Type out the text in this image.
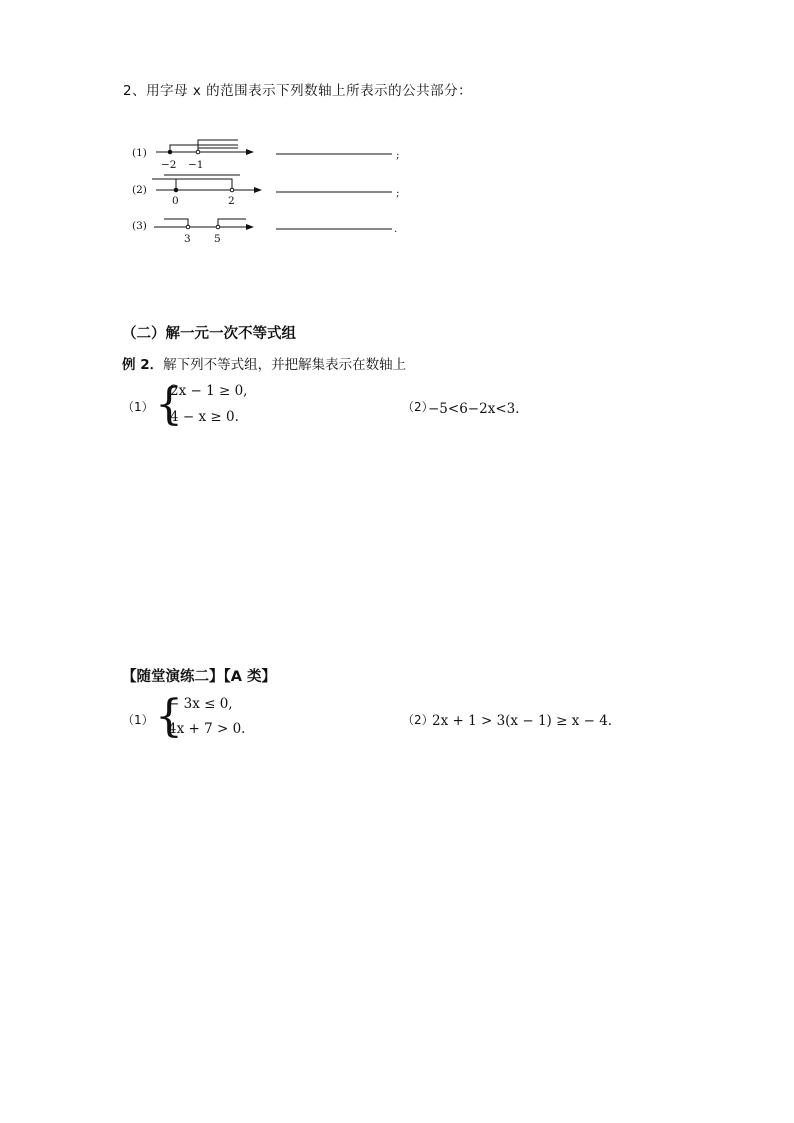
2、用字母 x 的范围表示下列数轴上所表示的公共部分：
(1)
−2 −1
;
(2)
0	2
;
(3)
3 5
.
（二）解一元一次不等式组
例 2．解下列不等式组，并把解集表示在数轴上
（1） {
2x − 1 ≥ 0,
4 − x ≥ 0.
（2）
−5<6−2x<3．
【随堂演练二】【A 类】
（1） {
− 3x ≤ 0,
4x + 7 > 0.
（2）
2x + 1 > 3(x − 1) ≥ x − 4．
